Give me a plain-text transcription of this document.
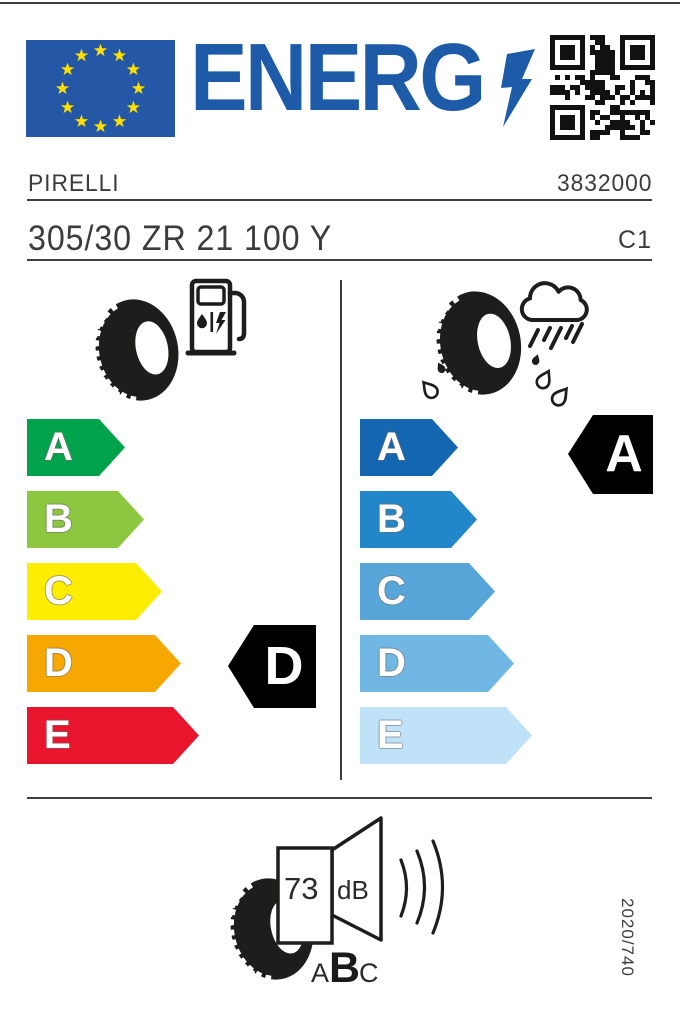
ENERG
PIRELLI	3832000
305/30 ZR 21 100 Y	C1
A
B
C
D
E
D
A
B
C
D
E
A
73 dB
A B
C	2020/740
